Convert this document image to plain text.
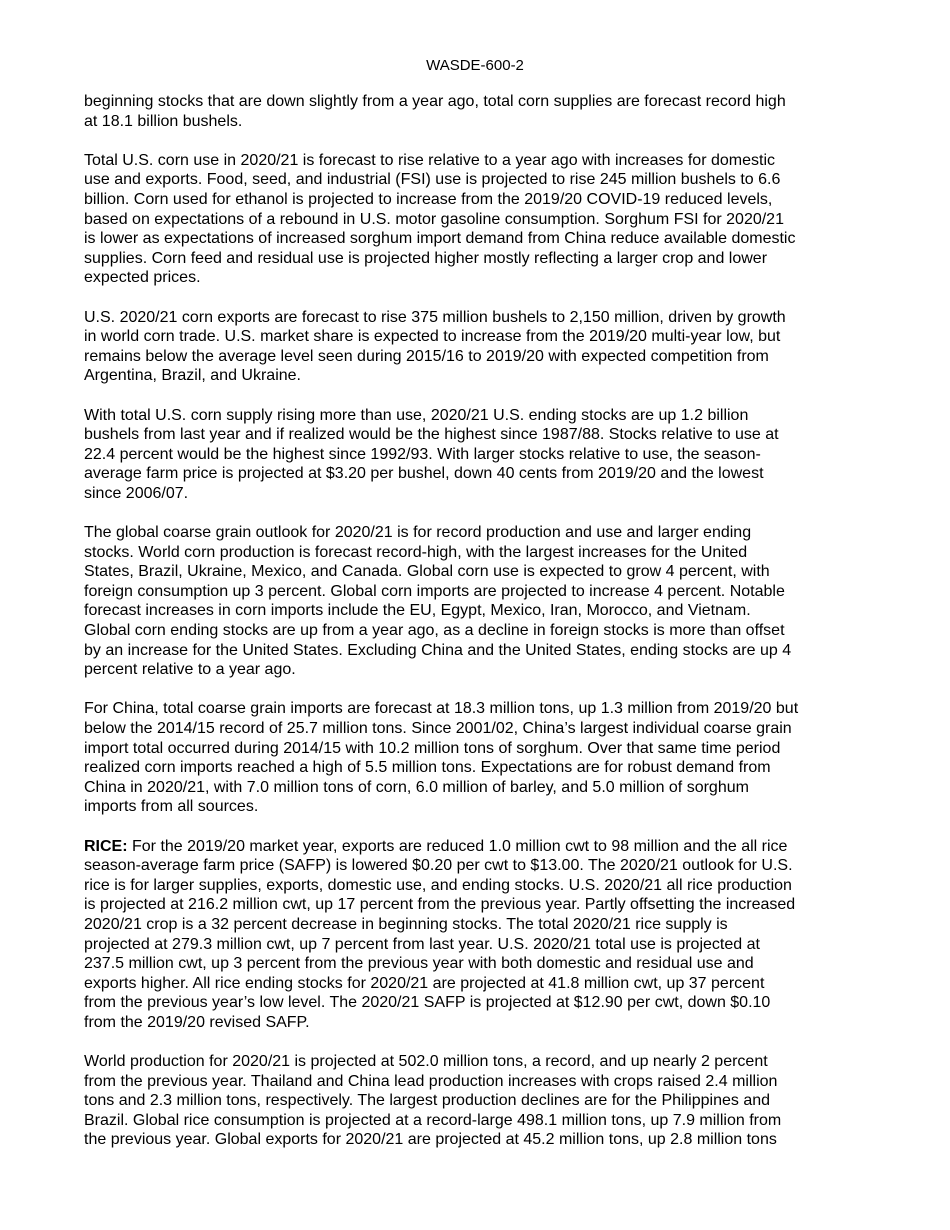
WASDE-600-2

beginning stocks that are down slightly from a year ago, total corn supplies are forecast record high
at 18.1 billion bushels.

Total U.S. corn use in 2020/21 is forecast to rise relative to a year ago with increases for domestic
use and exports. Food, seed, and industrial (FSI) use is projected to rise 245 million bushels to 6.6
billion. Corn used for ethanol is projected to increase from the 2019/20 COVID-19 reduced levels,
based on expectations of a rebound in U.S. motor gasoline consumption. Sorghum FSI for 2020/21
is lower as expectations of increased sorghum import demand from China reduce available domestic
supplies. Corn feed and residual use is projected higher mostly reflecting a larger crop and lower
expected prices.

U.S. 2020/21 corn exports are forecast to rise 375 million bushels to 2,150 million, driven by growth
in world corn trade. U.S. market share is expected to increase from the 2019/20 multi-year low, but
remains below the average level seen during 2015/16 to 2019/20 with expected competition from
Argentina, Brazil, and Ukraine.

With total U.S. corn supply rising more than use, 2020/21 U.S. ending stocks are up 1.2 billion
bushels from last year and if realized would be the highest since 1987/88. Stocks relative to use at
22.4 percent would be the highest since 1992/93. With larger stocks relative to use, the season-
average farm price is projected at $3.20 per bushel, down 40 cents from 2019/20 and the lowest
since 2006/07.

The global coarse grain outlook for 2020/21 is for record production and use and larger ending
stocks. World corn production is forecast record-high, with the largest increases for the United
States, Brazil, Ukraine, Mexico, and Canada. Global corn use is expected to grow 4 percent, with
foreign consumption up 3 percent. Global corn imports are projected to increase 4 percent. Notable
forecast increases in corn imports include the EU, Egypt, Mexico, Iran, Morocco, and Vietnam.
Global corn ending stocks are up from a year ago, as a decline in foreign stocks is more than offset
by an increase for the United States. Excluding China and the United States, ending stocks are up 4
percent relative to a year ago.

For China, total coarse grain imports are forecast at 18.3 million tons, up 1.3 million from 2019/20 but
below the 2014/15 record of 25.7 million tons. Since 2001/02, China’s largest individual coarse grain
import total occurred during 2014/15 with 10.2 million tons of sorghum. Over that same time period
realized corn imports reached a high of 5.5 million tons. Expectations are for robust demand from
China in 2020/21, with 7.0 million tons of corn, 6.0 million of barley, and 5.0 million of sorghum
imports from all sources.

RICE: For the 2019/20 market year, exports are reduced 1.0 million cwt to 98 million and the all rice
season-average farm price (SAFP) is lowered $0.20 per cwt to $13.00. The 2020/21 outlook for U.S.
rice is for larger supplies, exports, domestic use, and ending stocks. U.S. 2020/21 all rice production
is projected at 216.2 million cwt, up 17 percent from the previous year. Partly offsetting the increased
2020/21 crop is a 32 percent decrease in beginning stocks. The total 2020/21 rice supply is
projected at 279.3 million cwt, up 7 percent from last year. U.S. 2020/21 total use is projected at
237.5 million cwt, up 3 percent from the previous year with both domestic and residual use and
exports higher. All rice ending stocks for 2020/21 are projected at 41.8 million cwt, up 37 percent
from the previous year’s low level. The 2020/21 SAFP is projected at $12.90 per cwt, down $0.10
from the 2019/20 revised SAFP.

World production for 2020/21 is projected at 502.0 million tons, a record, and up nearly 2 percent
from the previous year. Thailand and China lead production increases with crops raised 2.4 million
tons and 2.3 million tons, respectively. The largest production declines are for the Philippines and
Brazil. Global rice consumption is projected at a record-large 498.1 million tons, up 7.9 million from
the previous year. Global exports for 2020/21 are projected at 45.2 million tons, up 2.8 million tons
